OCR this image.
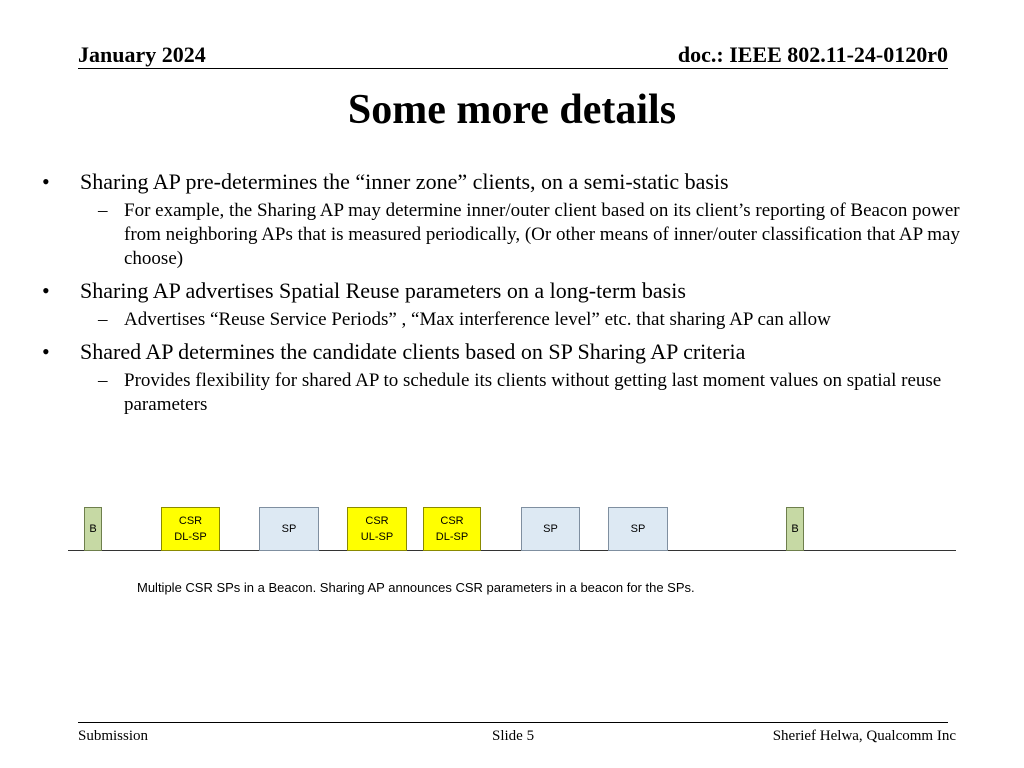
January 2024	doc.: IEEE 802.11-24-0120r0
Some more details
• Sharing AP pre-determines the “inner zone” clients, on a semi-static basis
– For example, the Sharing AP may determine inner/outer client based on its client’s reporting of Beacon power from neighboring APs that is measured periodically, (Or other means of inner/outer classification that AP may choose)
• Sharing AP advertises Spatial Reuse parameters on a long-term basis
– Advertises “Reuse Service Periods” , “Max interference level” etc. that sharing AP can allow
• Shared AP determines the candidate clients based on SP Sharing AP criteria
– Provides flexibility for shared AP to schedule its clients without getting last moment values on spatial reuse parameters
B
CSR
DL-SP
SP
CSR
UL-SP
CSR
DL-SP
SP	SP	B
Multiple CSR SPs in a Beacon. Sharing AP announces CSR parameters in a beacon for the SPs.
Submission	Slide 5	Sherief Helwa, Qualcomm Inc
